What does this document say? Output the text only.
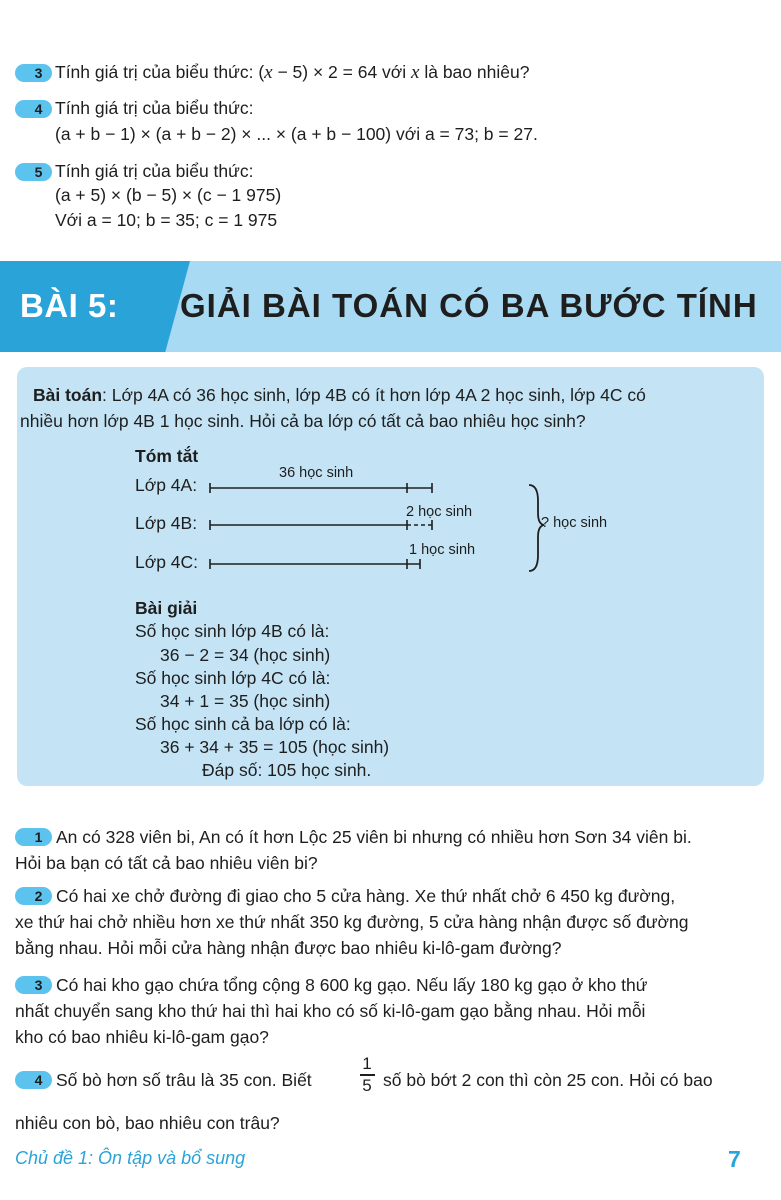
3 Tính giá trị của biểu thức: (x − 5) × 2 = 64 với x là bao nhiêu?
4 Tính giá trị của biểu thức:
(a + b − 1) × (a + b − 2) × ... × (a + b − 100) với a = 73; b = 27.
5 Tính giá trị của biểu thức:
(a + 5) × (b − 5) × (c − 1 975)
Với a = 10; b = 35; c = 1 975
BÀI 5: GIẢI BÀI TOÁN CÓ BA BƯỚC TÍNH
Bài toán: Lớp 4A có 36 học sinh, lớp 4B có ít hơn lớp 4A 2 học sinh, lớp 4C có
nhiều hơn lớp 4B 1 học sinh. Hỏi cả ba lớp có tất cả bao nhiêu học sinh?
Tóm tắt
Lớp 4A:
Lớp 4B:
Lớp 4C:
36 học sinh
2 học sinh
1 học sinh
? học sinh
Bài giải
Số học sinh lớp 4B có là:
36 − 2 = 34 (học sinh)
Số học sinh lớp 4C có là:
34 + 1 = 35 (học sinh)
Số học sinh cả ba lớp có là:
36 + 34 + 35 = 105 (học sinh)
Đáp số: 105 học sinh.
1 An có 328 viên bi, An có ít hơn Lộc 25 viên bi nhưng có nhiều hơn Sơn 34 viên bi.
Hỏi ba bạn có tất cả bao nhiêu viên bi?
2 Có hai xe chở đường đi giao cho 5 cửa hàng. Xe thứ nhất chở 6 450 kg đường,
xe thứ hai chở nhiều hơn xe thứ nhất 350 kg đường, 5 cửa hàng nhận được số đường
bằng nhau. Hỏi mỗi cửa hàng nhận được bao nhiêu ki-lô-gam đường?
3 Có hai kho gạo chứa tổng cộng 8 600 kg gạo. Nếu lấy 180 kg gạo ở kho thứ
nhất chuyển sang kho thứ hai thì hai kho có số ki-lô-gam gạo bằng nhau. Hỏi mỗi
kho có bao nhiêu ki-lô-gam gạo?
4 Số bò hơn số trâu là 35 con. Biết
1
5 số bò bớt 2 con thì còn 25 con. Hỏi có bao
nhiêu con bò, bao nhiêu con trâu?
Chủ đề 1: Ôn tập và bổ sung	7
